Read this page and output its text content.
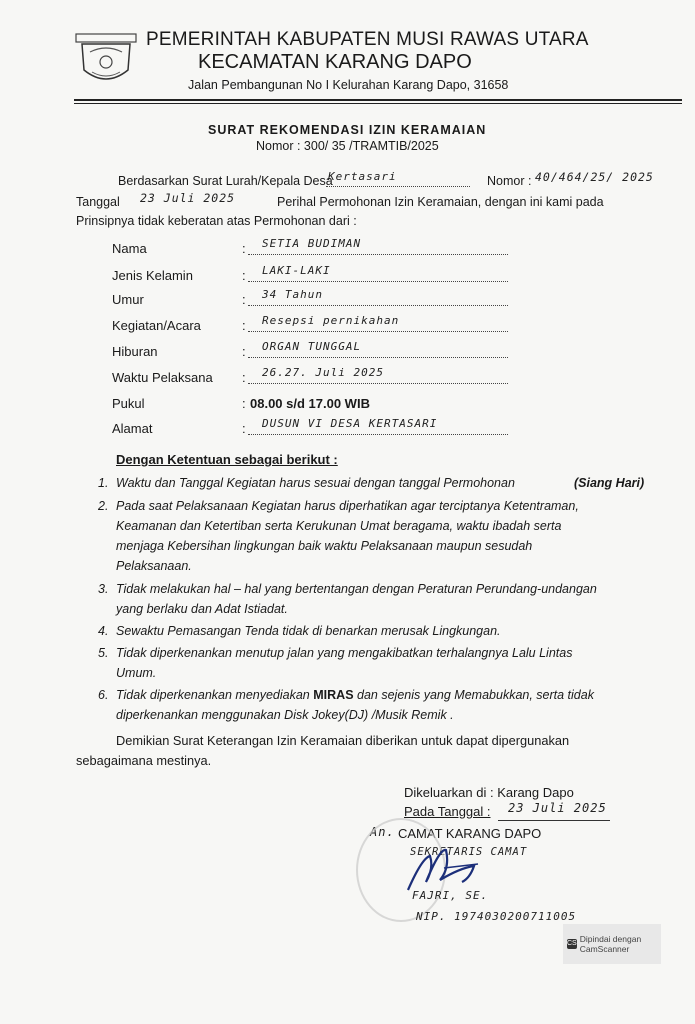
PEMERINTAH KABUPATEN MUSI RAWAS UTARA
KECAMATAN KARANG DAPO
Jalan Pembangunan No I Kelurahan Karang Dapo, 31658
SURAT REKOMENDASI IZIN KERAMAIAN
Nomor : 300/ 35 /TRAMTIB/2025
Berdasarkan Surat Lurah/Kepala Desa
Kertasari	Nomor : 40/464/25/ 2025
Tanggal 23 Juli 2025	Perihal Permohonan Izin Keramaian, dengan ini kami pada
Prinsipnya tidak keberatan atas Permohonan dari :
Nama	: SETIA BUDIMAN
Jenis Kelamin	: LAKI-LAKI
Umur	: 34 Tahun
Kegiatan/Acara	: Resepsi pernikahan
Hiburan	: ORGAN TUNGGAL
Waktu Pelaksana : 26.27. Juli 2025
Pukul	: 08.00 s/d 17.00 WIB
Alamat	: DUSUN VI DESA KERTASARI
Dengan Ketentuan sebagai berikut :
1. Waktu dan Tanggal Kegiatan harus sesuai dengan tanggal Permohonan	(Siang Hari)
2. Pada saat Pelaksanaan Kegiatan harus diperhatikan agar terciptanya Ketentraman,
Keamanan dan Ketertiban serta Kerukunan Umat beragama, waktu ibadah serta
menjaga Kebersihan lingkungan baik waktu Pelaksanaan maupun sesudah
Pelaksanaan.
3. Tidak melakukan hal – hal yang bertentangan dengan Peraturan Perundang-undangan
yang berlaku dan Adat Istiadat.
4. Sewaktu Pemasangan Tenda tidak di benarkan merusak Lingkungan.
5. Tidak diperkenankan menutup jalan yang mengakibatkan terhalangnya Lalu Lintas
Umum.
6. Tidak diperkenankan menyediakan MIRAS dan sejenis yang Memabukkan, serta tidak
diperkenankan menggunakan Disk Jokey(DJ) /Musik Remik .
Demikian Surat Keterangan Izin Keramaian diberikan untuk dapat dipergunakan
sebagaimana mestinya.
Dikeluarkan di : Karang Dapo
Pada Tanggal : 23 Juli 2025
An. CAMAT KARANG DAPO
SEKRETARIS CAMAT
FAJRI, SE.
NIP. 1974030200711005
CS Dipindai dengan CamScanner
